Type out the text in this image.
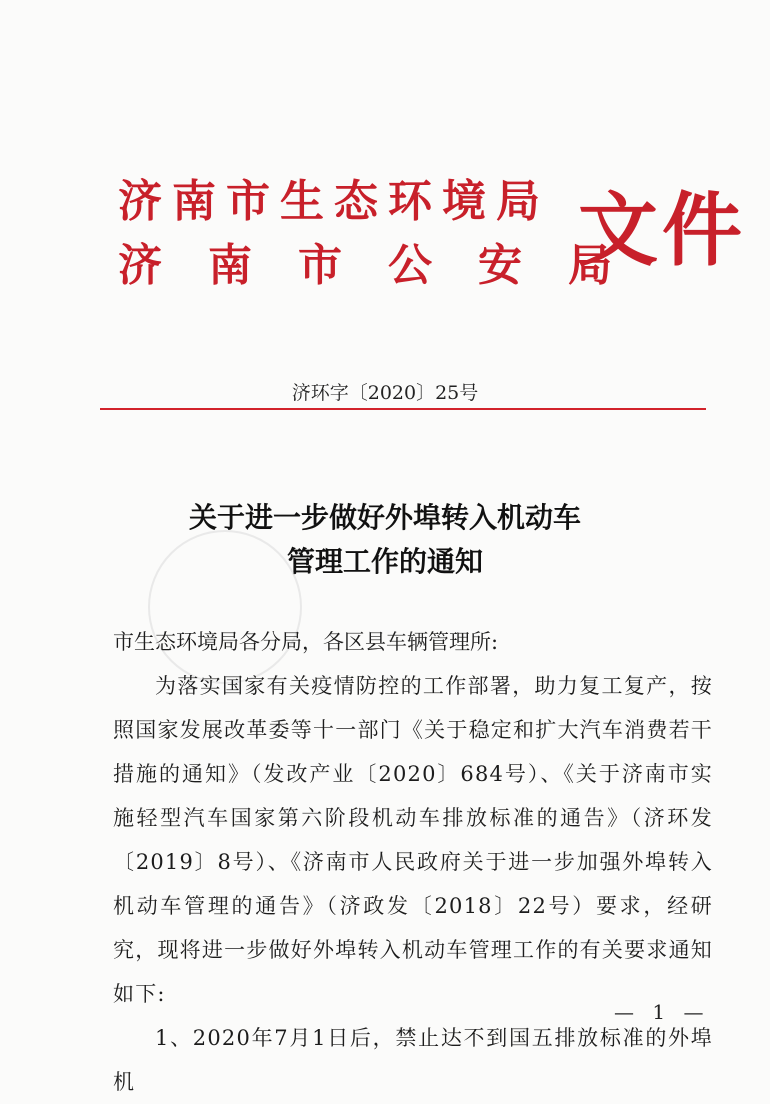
济南市生态环境局
济南市公安局
文件
济环字〔2020〕25号
关于进一步做好外埠转入机动车
管理工作的通知

市生态环境局各分局，各区县车辆管理所:

为落实国家有关疫情防控的工作部署，助力复工复产，按照国家发展改革委等十一部门《关于稳定和扩大汽车消费若干措施的通知》（发改产业〔2020〕684号）、《关于济南市实施轻型汽车国家第六阶段机动车排放标准的通告》（济环发〔2019〕8号）、《济南市人民政府关于进一步加强外埠转入机动车管理的通告》（济政发〔2018〕22号）要求，经研究，现将进一步做好外埠转入机动车管理工作的有关要求通知如下:

1、2020年7月1日后，禁止达不到国五排放标准的外埠机

— 1 —
